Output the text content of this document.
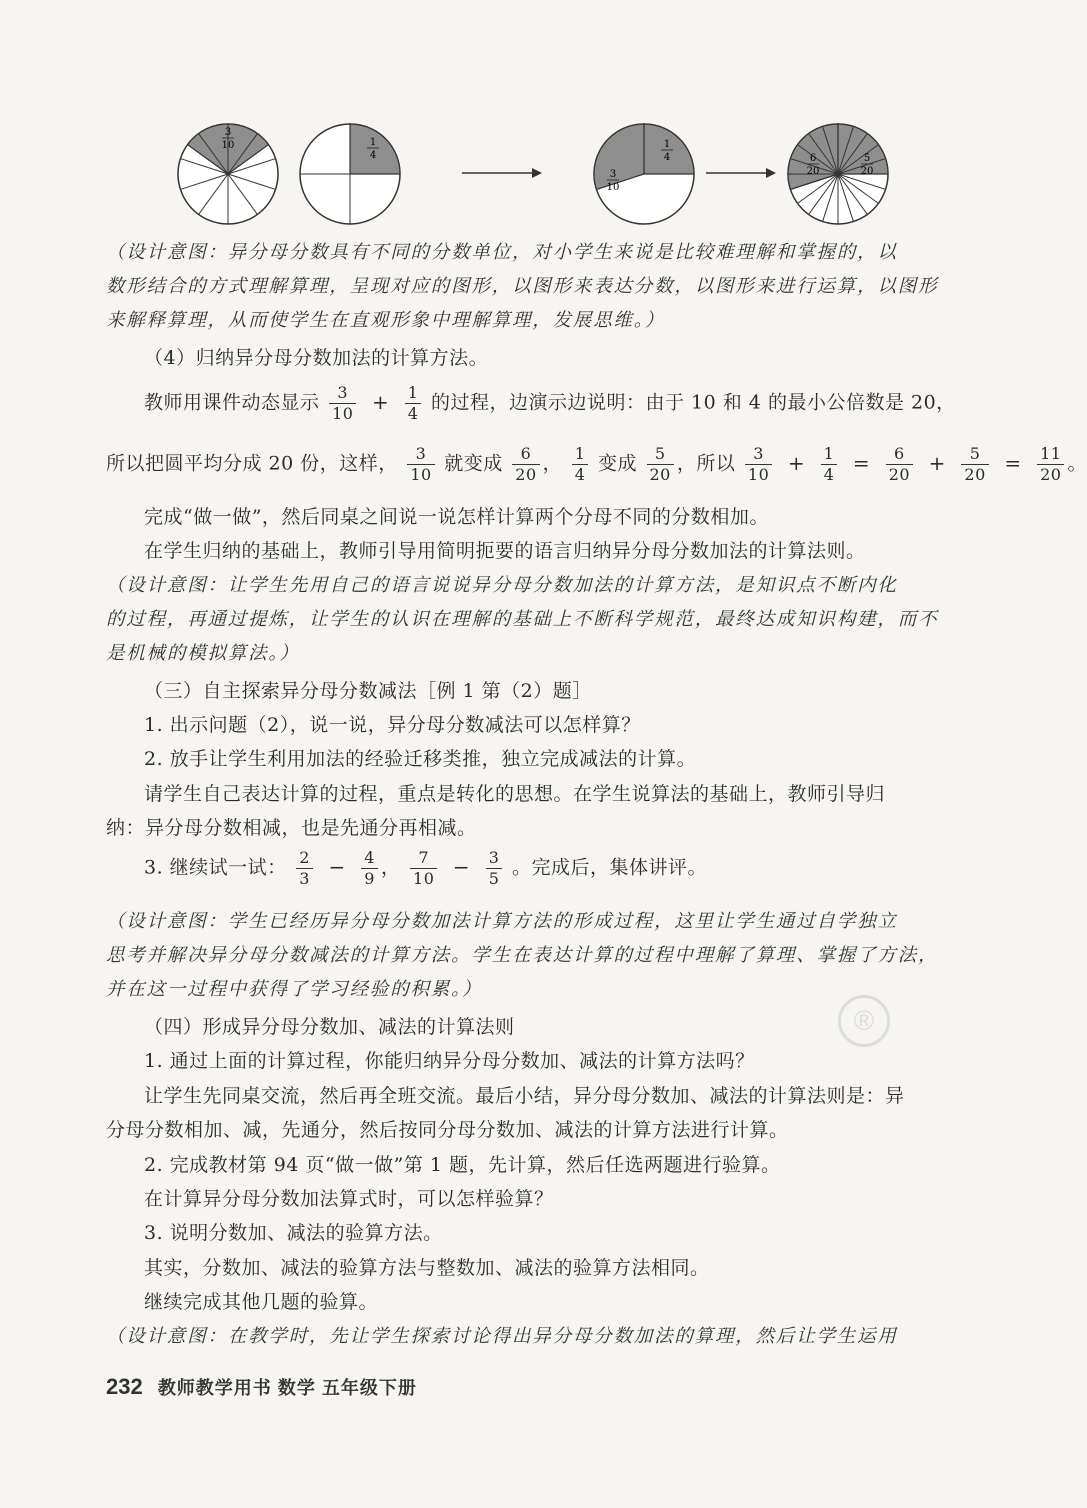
3
10	1
4
1
4
3
10
6
20
5
20
（设计意图：异分母分数具有不同的分数单位，对小学生来说是比较难理解和掌握的，以
数形结合的方式理解算理，呈现对应的图形，以图形来表达分数，以图形来进行运算，以图形
来解释算理，从而使学生在直观形象中理解算理，发展思维。）
（4）归纳异分母分数加法的计算方法。
教师用课件动态显示 $\frac{3}{10} + \frac{1}{4}$ 的过程，边演示边说明：由于 10 和 4 的最小公倍数是 20，
所以把圆平均分成 20 份，这样， $\frac{3}{10}$ 就变成 $\frac{6}{20}$ ， $\frac{1}{4}$ 变成 $\frac{5}{20}$ ，所以 $\frac{3}{10} + \frac{1}{4} = \frac{6}{20} + \frac{5}{20} = \frac{11}{20}$ 。
完成“做一做”，然后同桌之间说一说怎样计算两个分母不同的分数相加。
在学生归纳的基础上，教师引导用简明扼要的语言归纳异分母分数加法的计算法则。
（设计意图：让学生先用自己的语言说说异分母分数加法的计算方法，是知识点不断内化
的过程，再通过提炼，让学生的认识在理解的基础上不断科学规范，最终达成知识构建，而不
是机械的模拟算法。）
（三）自主探索异分母分数减法［例 1 第（2）题］
1. 出示问题（2），说一说，异分母分数减法可以怎样算？
2. 放手让学生利用加法的经验迁移类推，独立完成减法的计算。
请学生自己表达计算的过程，重点是转化的思想。在学生说算法的基础上，教师引导归
纳：异分母分数相减，也是先通分再相减。
3. 继续试一试： $\frac{2}{3} - \frac{4}{9}$ ， $\frac{7}{10} - \frac{3}{5}$ 。完成后，集体讲评。
（设计意图：学生已经历异分母分数加法计算方法的形成过程，这里让学生通过自学独立
思考并解决异分母分数减法的计算方法。学生在表达计算的过程中理解了算理、掌握了方法，
并在这一过程中获得了学习经验的积累。）
（四）形成异分母分数加、减法的计算法则
1. 通过上面的计算过程，你能归纳异分母分数加、减法的计算方法吗？
让学生先同桌交流，然后再全班交流。最后小结，异分母分数加、减法的计算法则是：异
分母分数相加、减，先通分，然后按同分母分数加、减法的计算方法进行计算。
2. 完成教材第 94 页“做一做”第 1 题，先计算，然后任选两题进行验算。
在计算异分母分数加法算式时，可以怎样验算？
3. 说明分数加、减法的验算方法。
其实，分数加、减法的验算方法与整数加、减法的验算方法相同。
继续完成其他几题的验算。
（设计意图：在教学时，先让学生探索讨论得出异分母分数加法的算理，然后让学生运用
®
232 教师教学用书 数学 五年级下册
